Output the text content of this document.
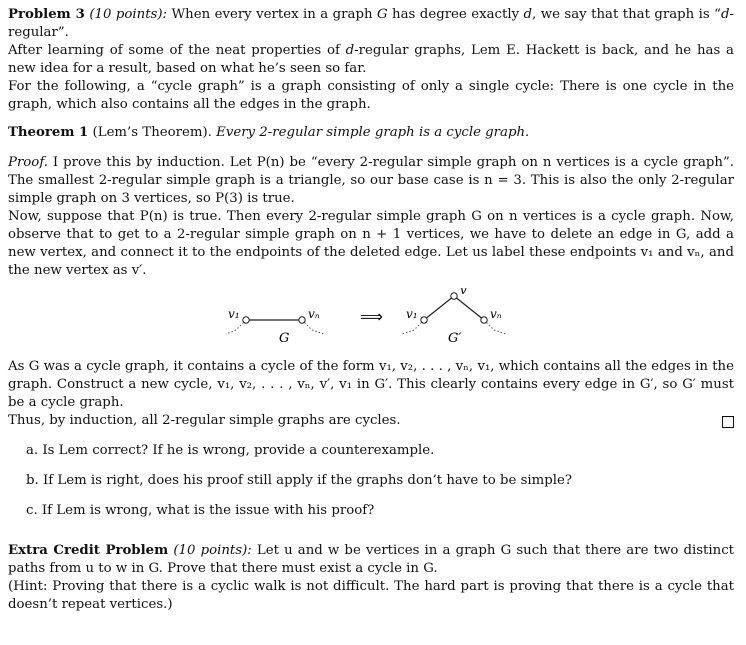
Problem 3 (10 points): When every vertex in a graph G has degree exactly d, we say that that graph is “d-regular”.

After learning of some of the neat properties of d-regular graphs, Lem E. Hackett is back, and he has a new idea for a result, based on what he’s seen so far.

For the following, a “cycle graph” is a graph consisting of only a single cycle: There is one cycle in the graph, which also contains all the edges in the graph.

Theorem 1 (Lem’s Theorem). Every 2-regular simple graph is a cycle graph.

Proof. I prove this by induction. Let P(n) be “every 2-regular simple graph on n vertices is a cycle graph”. The smallest 2-regular simple graph is a triangle, so our base case is n = 3. This is also the only 2-regular simple graph on 3 vertices, so P(3) is true.

Now, suppose that P(n) is true. Then every 2-regular simple graph G on n vertices is a cycle graph. Now, observe that to get to a 2-regular simple graph on n + 1 vertices, we have to delete an edge in G, add a new vertex, and connect it to the endpoints of the deleted edge. Let us label these endpoints v₁ and vₙ, and the new vertex as v′.

v₁	vₙ
G
⟹ v₁
v′
vₙ
G′

As G was a cycle graph, it contains a cycle of the form v₁, v₂, . . . , vₙ, v₁, which contains all the edges in the graph. Construct a new cycle, v₁, v₂, . . . , vₙ, v′, v₁ in G′. This clearly contains every edge in G′, so G′ must be a cycle graph.

Thus, by induction, all 2-regular simple graphs are cycles.

a. Is Lem correct? If he is wrong, provide a counterexample.

b. If Lem is right, does his proof still apply if the graphs don’t have to be simple?

c. If Lem is wrong, what is the issue with his proof?

Extra Credit Problem (10 points): Let u and w be vertices in a graph G such that there are two distinct paths from u to w in G. Prove that there must exist a cycle in G.

(Hint: Proving that there is a cyclic walk is not difficult. The hard part is proving that there is a cycle that doesn’t repeat vertices.)
